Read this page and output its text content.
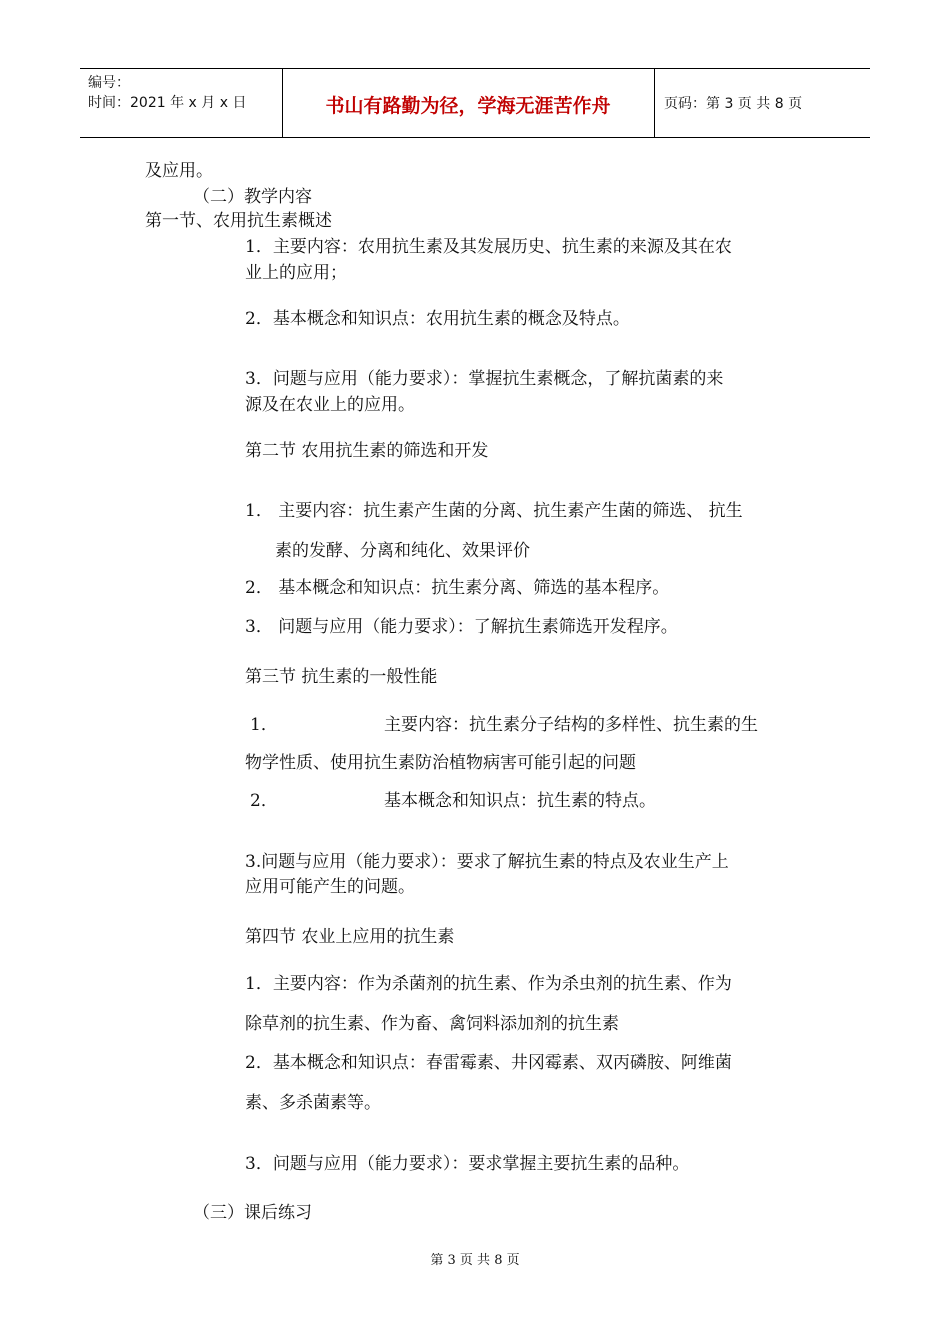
编号：
时间：2021 年 x 月 x 日	书山有路勤为径，学海无涯苦作舟	页码：第 3 页 共 8 页
及应用。
（二）教学内容
第一节、农用抗生素概述
1．主要内容：农用抗生素及其发展历史、抗生素的来源及其在农
业上的应用；
2．基本概念和知识点：农用抗生素的概念及特点。
3．问题与应用（能力要求）：掌握抗生素概念，了解抗菌素的来
源及在农业上的应用。
第二节 农用抗生素的筛选和开发
1． 主要内容：抗生素产生菌的分离、抗生素产生菌的筛选、 抗生
素的发酵、分离和纯化、效果评价
2． 基本概念和知识点：抗生素分离、筛选的基本程序。
3． 问题与应用（能力要求）：了解抗生素筛选开发程序。
第三节 抗生素的一般性能
1．	主要内容：抗生素分子结构的多样性、抗生素的生
物学性质、使用抗生素防治植物病害可能引起的问题
2．	基本概念和知识点：抗生素的特点。
3.问题与应用（能力要求）：要求了解抗生素的特点及农业生产上
应用可能产生的问题。
第四节 农业上应用的抗生素
1．主要内容：作为杀菌剂的抗生素、作为杀虫剂的抗生素、作为
除草剂的抗生素、作为畜、禽饲料添加剂的抗生素
2．基本概念和知识点：春雷霉素、井冈霉素、双丙磷胺、阿维菌
素、多杀菌素等。
3．问题与应用（能力要求）：要求掌握主要抗生素的品种。
（三）课后练习
第 3 页 共 8 页
